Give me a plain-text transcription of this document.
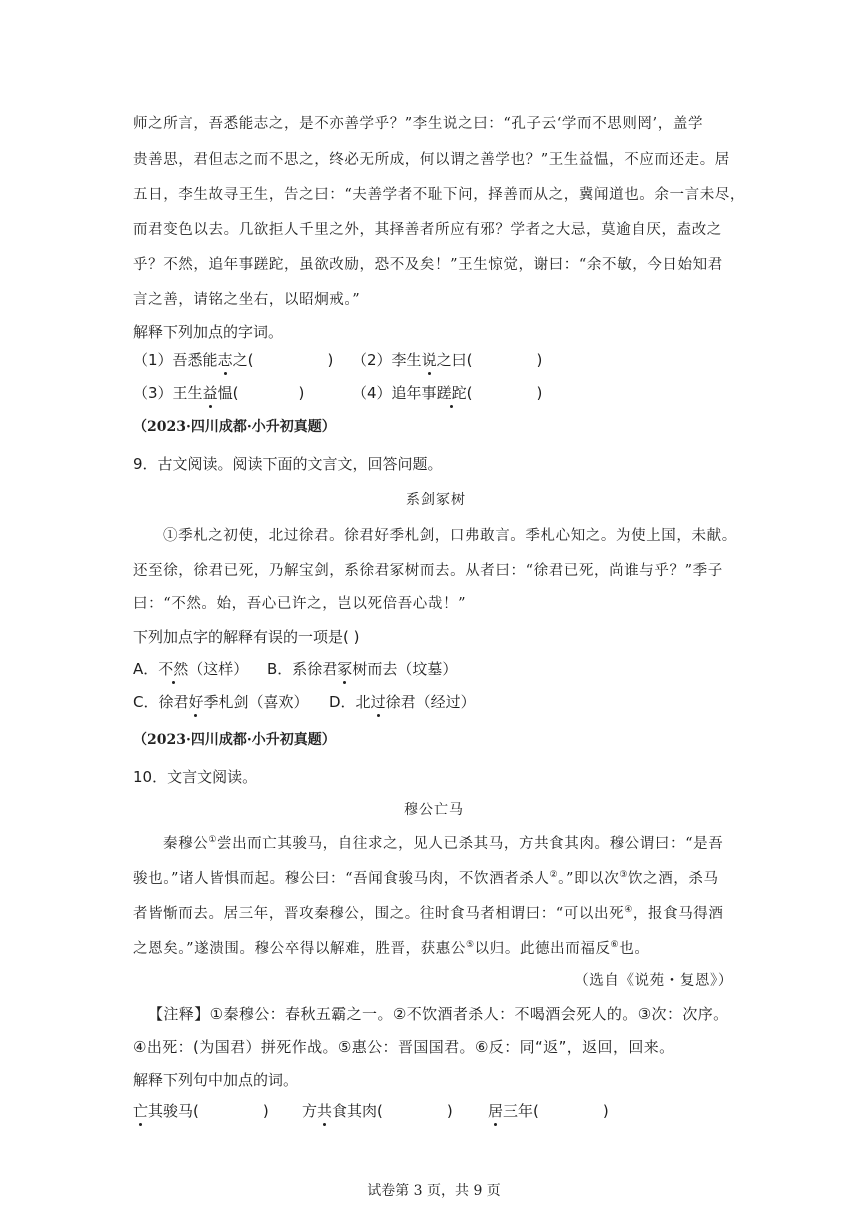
师之所言，吾悉能志之，是不亦善学乎？”李生说之曰：“孔子云‘学而不思则罔’，盖学
贵善思，君但志之而不思之，终必无所成，何以谓之善学也？”王生益愠，不应而还走。居
五日，李生故寻王生，告之曰：“夫善学者不耻下问，择善而从之，冀闻道也。余一言未尽，
而君变色以去。几欲拒人千里之外，其择善者所应有邪？学者之大忌，莫逾自厌，盍改之
乎？不然，追年事蹉跎，虽欲改励，恐不及矣！”王生惊觉，谢曰：“余不敏，今日始知君
言之善，请铭之坐右，以昭炯戒。”
解释下列加点的字词。
（1）吾悉能志之(	) （2）李生说之曰(	)
（3）王生益愠(	)	（4）追年事蹉跎(	)
（2023·四川成都·小升初真题）
9．古文阅读。阅读下面的文言文，回答问题。
系剑冢树
①季札之初使，北过徐君。徐君好季札剑，口弗敢言。季札心知之。为使上国，未献。
还至徐，徐君已死，乃解宝剑，系徐君冢树而去。从者曰：“徐君已死，尚谁与乎？”季子
曰：“不然。始，吾心已许之，岂以死倍吾心哉！”
下列加点字的解释有误的一项是( )
A．不然（这样） B．系徐君冢树而去（坟墓）
C．徐君好季札剑（喜欢） D．北过徐君（经过）
（2023·四川成都·小升初真题）
10．文言文阅读。
穆公亡马
秦穆公①尝出而亡其骏马，自往求之，见人已杀其马，方共食其肉。穆公谓曰：“是吾
骏也。”诸人皆惧而起。穆公曰：“吾闻食骏马肉，不饮酒者杀人②。”即以次③饮之酒，杀马
者皆惭而去。居三年，晋攻秦穆公，围之。往时食马者相谓曰：“可以出死④，报食马得酒
之恩矣。”遂溃围。穆公卒得以解难，胜晋，获惠公⑤以归。此德出而福反⑥也。
（选自《说苑・复恩》）
【注释】①秦穆公：春秋五霸之一。②不饮酒者杀人：不喝酒会死人的。③次：次序。
④出死：(为国君）拼死作战。⑤惠公：晋国国君。⑥反：同“返”，返回，回来。
解释下列句中加点的词。
亡其骏马(	) 方共食其肉(	) 居三年(	)
试卷第 3 页，共 9 页
